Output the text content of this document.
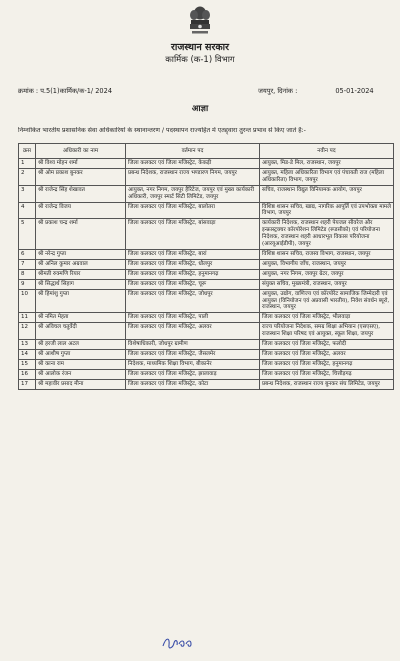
राजस्थान सरकार
कार्मिक (क-1) विभाग
क्रमांक : प.5(1)कार्मिक/क-1/ 2024	जयपुर, दिनांक :	05-01-2024
आज्ञा
निम्नांकित भारतीय प्रशासनिक सेवा अधिकारियों के स्थानान्तरण / पदस्थापन राज्यहित में एतद्द्वारा तुरन्त प्रभाव से किए जाते है:-
क्रस	अधिकारी का नाम	वर्तमान पद	नवीन पद
1	श्री विश्व मोहन शर्मा	जिला कलक्टर एवं जिला मजिस्ट्रेट, केकड़ी	आयुक्त, मिड-डे मिल, राजस्थान, जयपुर
2	श्री ओम प्रकाश बुनकर	प्रबन्ध निदेशक, राजस्थान राज्य भण्डारण निगम, जयपुर	आयुक्त, महिला अधिकारिता विभाग एवं पंचायती राज (महिला अधिकारिता) विभाग, जयपुर
3	श्री राजेन्द्र सिंह शेखावत	आयुक्त, नगर निगम, जयपुर हैरिटेज, जयपुर एवं मुख्य कार्यकारी अधिकारी, जयपुर स्मार्ट सिटी लिमिटेड, जयपुर	सचिव, राजस्थान विद्युत विनियामक आयोग, जयपुर
4	श्री राजेन्द्र विजय	जिला कलक्टर एवं जिला मजिस्ट्रेट, बालोतरा	विशिष्ठ शासन सचिव, खाद्य, नागरिक आपूर्ति एवं उपभोक्ता मामले विभाग, जयपुर
5	श्री प्रकाश चन्द्र शर्मा	जिला कलक्टर एवं जिला मजिस्ट्रेट, बांसवाड़ा	कार्यकारी निदेशक, राजस्थान शहरी पेयजल सीवरेज और इन्फ्रास्ट्रक्चर कॉरपोरेशन लिमिटेड (रूडसीको) एवं परियोजना निदेशक, राजस्थान शहरी आधारभूत विकास परियोजना (आरयूआईडीपी), जयपुर
6	श्री नरेन्द्र गुप्ता	जिला कलक्टर एवं जिला मजिस्ट्रेट, बारां	विशिष्ठ शासन सचिव, राजस्व विभाग, राजस्थान, जयपुर
7	श्री अनिल कुमार अग्रवाल	जिला कलक्टर एवं जिला मजिस्ट्रेट, धौलपुर	आयुक्त, विभागीय जाँच, राजस्थान, जयपुर
8	श्रीमती रुक्मणि रियार	जिला कलक्टर एवं जिला मजिस्ट्रेट, हनुमानगढ़	आयुक्त, नगर निगम, जयपुर ग्रेटर, जयपुर
9	श्री सिद्धार्थ सिहाग	जिला कलक्टर एवं जिला मजिस्ट्रेट, चूरू	संयुक्त सचिव, मुख्यमंत्री, राजस्थान, जयपुर
10	श्री हिमांशु गुप्ता	जिला कलक्टर एवं जिला मजिस्ट्रेट, जोधपुर	आयुक्त, उद्योग, वाणिज्य एवं कॉरपोरेट सामाजिक जिम्मेदारी एवं आयुक्त (विनियोजन एवं अप्रवासी भारतीय), निवेश संवर्धन ब्यूरो, राजस्थान, जयपुर
11	श्री नमित मेहता	जिला कलक्टर एवं जिला मजिस्ट्रेट, पाली	जिला कलक्टर एवं जिला मजिस्ट्रेट, भीलवाड़ा
12	श्री अविचल चतुर्वेदी	जिला कलक्टर एवं जिला मजिस्ट्रेट, अलवर	राज्य परियोजना निदेशक, समग्र शिक्षा अभियान (एसएसए), राजस्थान शिक्षा परिषद एवं आयुक्त, स्कूल शिक्षा, जयपुर
13	श्री हरजी लाल अटल	विशेषाधिकारी, जोधपुर ग्रामीण	जिला कलक्टर एवं जिला मजिस्ट्रेट, फलोदी
14	श्री आशीष गुप्ता	जिला कलक्टर एवं जिला मजिस्ट्रेट, जैसलमेर	जिला कलक्टर एवं जिला मजिस्ट्रेट, अलवर
15	श्री काना राम	निदेशक, माध्यमिक शिक्षा विभाग, बीकानेर	जिला कलक्टर एवं जिला मजिस्ट्रेट, हनुमानगढ़
16	श्री आलोक रंजन	जिला कलक्टर एवं जिला मजिस्ट्रेट, झालावाड़	जिला कलक्टर एवं जिला मजिस्ट्रेट, चित्तौड़गढ़
17	श्री महावीर प्रसाद मीना	जिला कलक्टर एवं जिला मजिस्ट्रेट, कोटा	प्रबन्ध निदेशक, राजस्थान राज्य बुनकर संघ लिमिटेड, जयपुर
